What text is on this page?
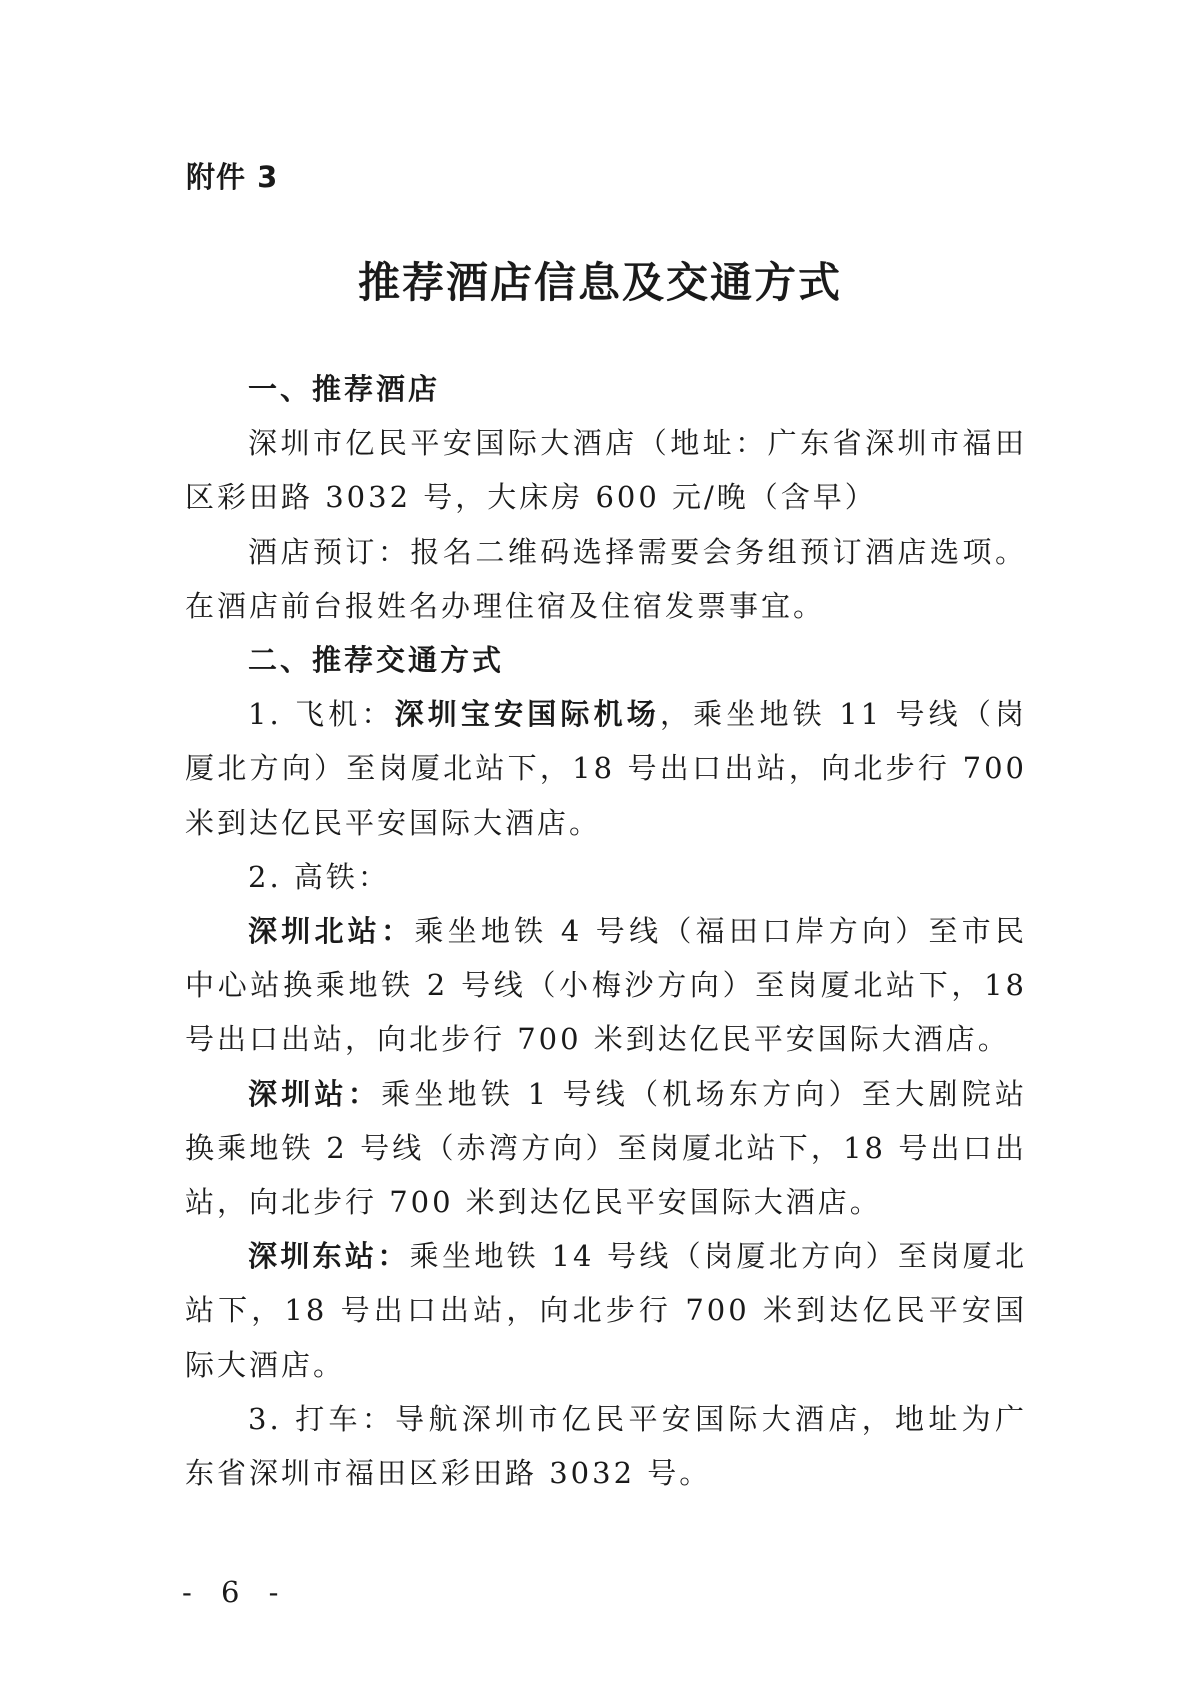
附件 3
推荐酒店信息及交通方式
一、推荐酒店

深圳市亿民平安国际大酒店（地址：广东省深圳市福田区彩田路 3032 号，大床房 600 元/晚（含早）

酒店预订：报名二维码选择需要会务组预订酒店选项。在酒店前台报姓名办理住宿及住宿发票事宜。

二、推荐交通方式

1. 飞机：深圳宝安国际机场，乘坐地铁 11 号线（岗厦北方向）至岗厦北站下，18 号出口出站，向北步行 700 米到达亿民平安国际大酒店。

2. 高铁：

深圳北站：乘坐地铁 4 号线（福田口岸方向）至市民中心站换乘地铁 2 号线（小梅沙方向）至岗厦北站下，18 号出口出站，向北步行 700 米到达亿民平安国际大酒店。

深圳站：乘坐地铁 1 号线（机场东方向）至大剧院站换乘地铁 2 号线（赤湾方向）至岗厦北站下，18 号出口出站，向北步行 700 米到达亿民平安国际大酒店。

深圳东站：乘坐地铁 14 号线（岗厦北方向）至岗厦北站下，18 号出口出站，向北步行 700 米到达亿民平安国际大酒店。

3. 打车：导航深圳市亿民平安国际大酒店，地址为广东省深圳市福田区彩田路 3032 号。

- 6 -
